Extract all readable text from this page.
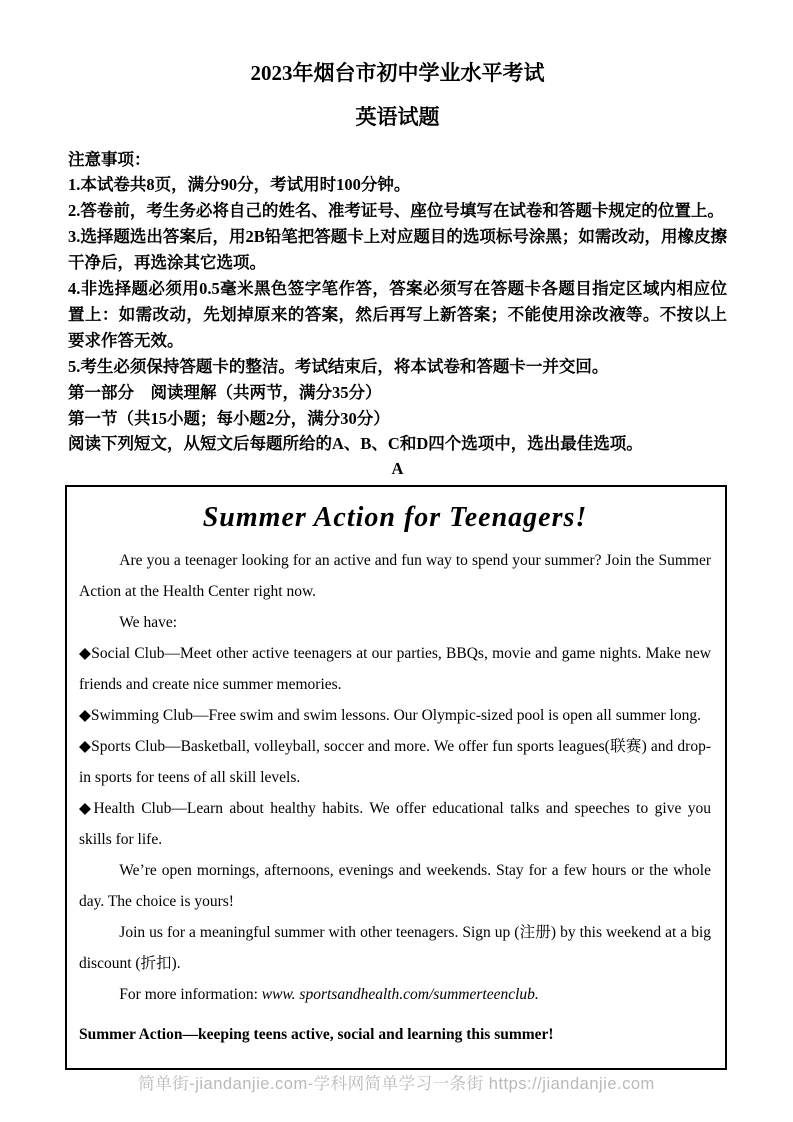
2023年烟台市初中学业水平考试
英语试题

注意事项：

1.本试卷共8页，满分90分，考试用时100分钟。

2.答卷前，考生务必将自己的姓名、准考证号、座位号填写在试卷和答题卡规定的位置上。

3.选择题选出答案后，用2B铅笔把答题卡上对应题目的选项标号涂黑；如需改动，用橡皮擦干净后，再选涂其它选项。

4.非选择题必须用0.5毫米黑色签字笔作答，答案必须写在答题卡各题目指定区域内相应位置上：如需改动，先划掉原来的答案，然后再写上新答案；不能使用涂改液等。不按以上要求作答无效。

5.考生必须保持答题卡的整洁。考试结束后，将本试卷和答题卡一并交回。

第一部分　阅读理解（共两节，满分35分）

第一节（共15小题；每小题2分，满分30分）

阅读下列短文，从短文后每题所给的A、B、C和D四个选项中，选出最佳选项。

A

Summer Action for Teenagers!

Are you a teenager looking for an active and fun way to spend your summer? Join the Summer Action at the Health Center right now.

We have:

◆Social Club—Meet other active teenagers at our parties, BBQs, movie and game nights. Make new friends and create nice summer memories.

◆Swimming Club—Free swim and swim lessons. Our Olympic-sized pool is open all summer long.

◆Sports Club—Basketball, volleyball, soccer and more. We offer fun sports leagues(联赛) and drop-in sports for teens of all skill levels.

◆Health Club—Learn about healthy habits. We offer educational talks and speeches to give you skills for life.

We’re open mornings, afternoons, evenings and weekends. Stay for a few hours or the whole day. The choice is yours!

Join us for a meaningful summer with other teenagers. Sign up (注册) by this weekend at a big discount (折扣).

For more information: www. sportsandhealth.com/summerteenclub.

Summer Action—keeping teens active, social and learning this summer!

简单街-jiandanjie.com-学科网简单学习一条街 https://jiandanjie.com
